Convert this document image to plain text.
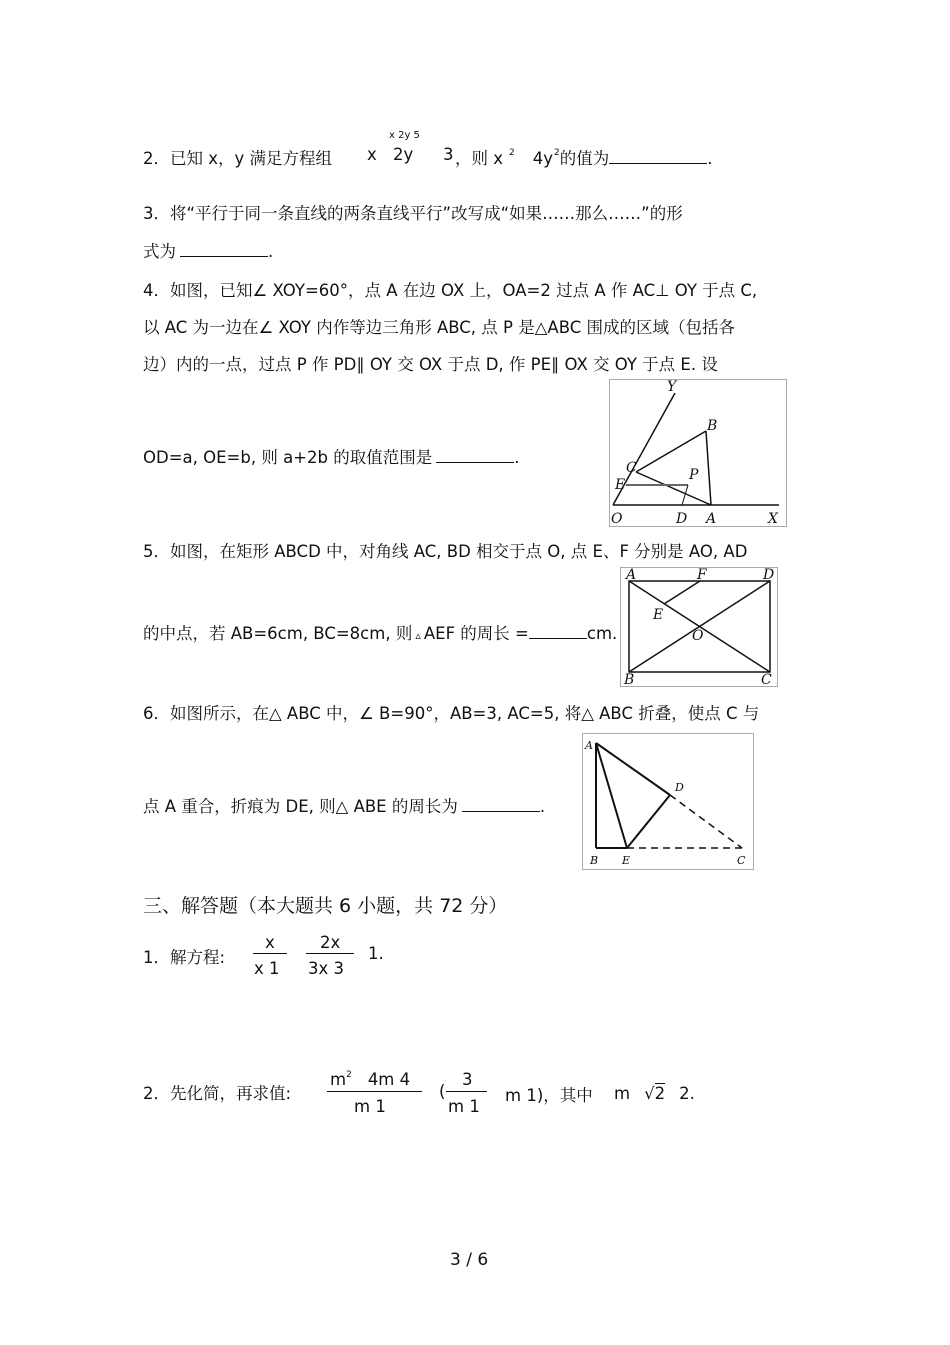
x 2y 5
2．已知 x，y 满足方程组 x 2y 3 ，则 x $^2$ $4y^2$的值为	.
3．将“平行于同一条直线的两条直线平行”改写成“如果……那么……”的形
式为	.
4．如图，已知∠ XOY=60°，点 A 在边 OX 上，OA=2 过点 A 作 AC⊥ OY 于点 C,
以 AC 为一边在∠ XOY 内作等边三角形 ABC, 点 P 是△ABC 围成的区域（包括各
边）内的一点，过点 P 作 PD∥ OY 交 OX 于点 D, 作 PE∥ OX 交 OY 于点 E. 设
OD=a, OE=b, 则 a+2b 的取值范围是	.
Y
B
C	P
E
O	D A	X
5．如图，在矩形 ABCD 中，对角线 AC, BD 相交于点 O, 点 E、F 分别是 AO, AD
的中点，若 AB=6cm, BC=8cm, 则 ▵ AEF 的周长 =	cm.
A	F	D
E
O
B	C
6．如图所示，在△ ABC 中，∠ B=90°，AB=3, AC=5, 将△ ABC 折叠，使点 C 与
点 A 重合，折痕为 DE, 则△ ABE 的周长为	.
A
D
B E	C
三、解答题（本大题共 6 小题，共 72 分）
1．解方程:
x
x 1
2x
3x 3
1.
2．先化简，再求值:
$m^2$ 4m 4
m 1
(
3
m 1
m 1)，其中 m √2 2.
3 / 6
